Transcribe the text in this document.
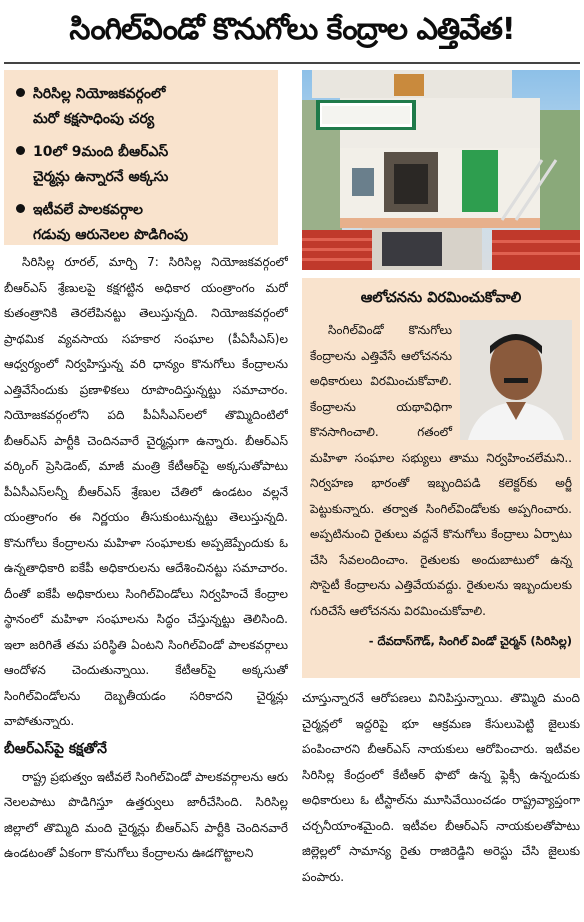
సింగిల్‌విండో కొనుగోలు కేంద్రాల ఎత్తివేత!
సిరిసిల్ల నియోజకవర్గంలో
మరో కక్షసాధింపు చర్య
10లో 9మంది బీఆర్‌ఎస్
చైర్మన్లు ఉన్నారనే అక్కసు
ఇటీవలే పాలకవర్గాల
గడువు ఆరునెలల పొడిగింపు

సిరిసిల్ల రూరల్‌, మార్చి 7: సిరిసిల్ల నియోజకవర్గంలో బీఆర్‌ఎస్‌ శ్రేణులపై కక్షగట్టిన అధికార యంత్రాంగం మరో కుతంత్రానికి తెరలేపినట్టు తెలుస్తున్నది. నియోజకవర్గంలో ప్రాథమిక వ్యవసాయ సహకార సంఘాల (పీఏసీఎస్‌)ల ఆధ్వర్యంలో నిర్వహిస్తున్న వరి ధాన్యం కొనుగోలు కేంద్రాలను ఎత్తివేసేందుకు ప్రణాళికలు రూపొందిస్తున్నట్టు సమాచారం. నియోజకవర్గంలోని పది పీఏసీఎస్‌లలో తొమ్మిదింటిలో బీఆర్‌ఎస్‌ పార్టీకి చెందినవారే చైర్మన్లుగా ఉన్నారు. బీఆర్‌ఎస్‌ వర్కింగ్‌ ప్రెసిడెంట్‌, మాజీ మంత్రి కేటీఆర్‌పై అక్కసుతోపాటు పీఏసీఎస్‌లన్నీ బీఆర్‌ఎస్‌ శ్రేణుల చేతిలో ఉండటం వల్లనే యంత్రాంగం ఈ నిర్ణయం తీసుకుంటున్నట్టు తెలుస్తున్నది. కొనుగోలు కేంద్రాలను మహిళా సంఘాలకు అప్పజెప్పేందుకు ఓ ఉన్నతాధికారి ఐకేపీ అధికారులను ఆదేశించినట్టు సమాచారం. దీంతో ఐకేపీ అధికారులు సింగిల్‌విండోలు నిర్వహించే కేంద్రాల స్థానంలో మహిళా సంఘాలను సిద్ధం చేస్తున్నట్టు తెలిసింది. ఇలా జరిగితే తమ పరిస్థితి ఏంటని సింగిల్‌విండో పాలకవర్గాలు ఆందోళన చెందుతున్నాయి. కేటీఆర్‌పై అక్కసుతో సింగిల్‌విండోలను దెబ్బతీయడం సరికాదని చైర్మన్లు వాపోతున్నారు.

బీఆర్‌ఎస్‌పై కక్షతోనే

రాష్ట్ర ప్రభుత్వం ఇటీవలే సింగిల్‌విండో పాలకవర్గాలను ఆరు నెలలపాటు పొడిగిస్తూ ఉత్తర్వులు జారీచేసింది. సిరిసిల్ల జిల్లాలో తొమ్మిది మంది చైర్మన్లు బీఆర్‌ఎస్‌ పార్టీకి చెందినవారే ఉండటంతో ఏకంగా కొనుగోలు కేంద్రాలను ఊడగొట్టాలని

ఆలోచనను విరమించుకోవాలి
సింగిల్‌విండో కొనుగోలు కేంద్రాలను ఎత్తివేసే ఆలోచనను అధికారులు విరమించుకోవాలి. కేంద్రాలను యథావిధిగా కొనసాగించాలి. గతంలో మహిళా సంఘాల సభ్యులు తాము నిర్వహించలేమని.. నిర్వహణ భారంతో ఇబ్బందిపడి కలెక్టర్‌కు అర్జీ పెట్టుకున్నారు. తర్వాత సింగిల్‌విండోలకు అప్పగించారు. అప్పటినుంచి రైతులు వద్దనే కొనుగోలు కేంద్రాలు ఏర్పాటు చేసి సేవలందించాం. రైతులకు అందుబాటులో ఉన్న సొసైటీ కేంద్రాలను ఎత్తివేయవద్దు. రైతులను ఇబ్బందులకు గురిచేసే ఆలోచనను విరమించుకోవాలి.
- దేవదాస్‌గౌడ్‌, సింగిల్‌ విండో చైర్మన్‌ (సిరిసిల్ల)

చూస్తున్నారనే ఆరోపణలు వినిపిస్తున్నాయి. తొమ్మిది మంది చైర్మన్లలో ఇద్దరిపై భూ ఆక్రమణ కేసులుపెట్టి జైలుకు పంపించారని బీఆర్‌ఎస్‌ నాయకులు ఆరోపించారు. ఇటీవల సిరిసిల్ల కేంద్రంలో కేటీఆర్‌ ఫొటో ఉన్న ఫ్లెక్సీ ఉన్నందుకు అధికారులు ఓ టీస్టాల్‌ను మూసివేయించడం రాష్ట్రవ్యాప్తంగా చర్చనీయాంశమైంది. ఇటీవల బీఆర్‌ఎస్‌ నాయకులతోపాటు జిల్లెల్లలో సామాన్య రైతు రాజిరెడ్డిని అరెస్టు చేసి జైలుకు పంపారు.
